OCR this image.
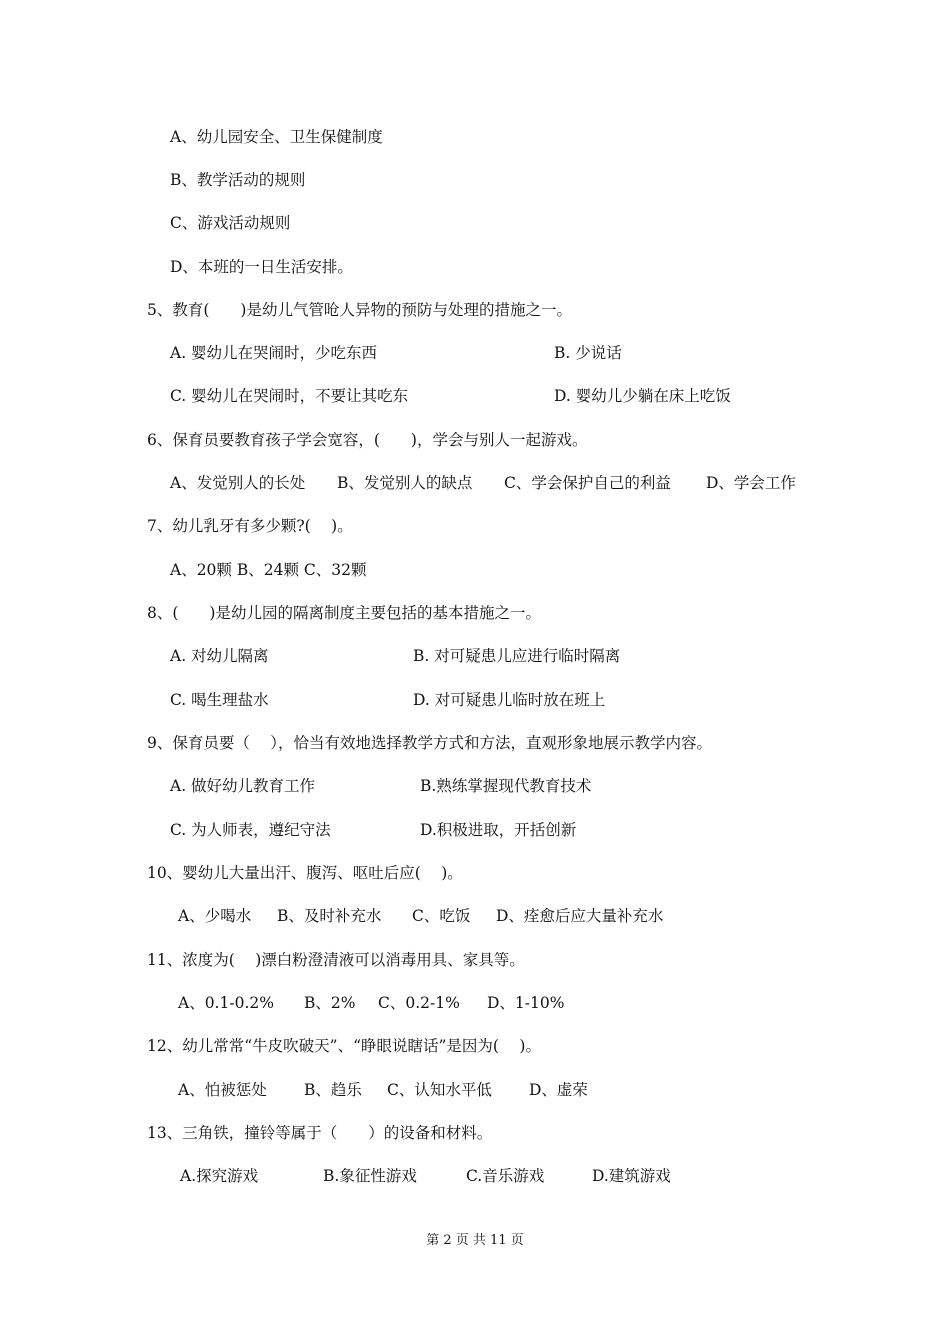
A、幼儿园安全、卫生保健制度
B、教学活动的规则
C、游戏活动规则
D、本班的一日生活安排。
5、教育(　　)是幼儿气管呛人异物的预防与处理的措施之一。
A. 婴幼儿在哭闹时，少吃东西	B. 少说话
C. 婴幼儿在哭闹时，不要让其吃东	D. 婴幼儿少躺在床上吃饭
6、保育员要教育孩子学会宽容，(　　)，学会与别人一起游戏。
A、发觉别人的长处 B、发觉别人的缺点 C、学会保护自己的利益 D、学会工作
7、幼儿乳牙有多少颗?(　 )。
A、20颗 B、24颗 C、32颗
8、(　　)是幼儿园的隔离制度主要包括的基本措施之一。
A. 对幼儿隔离	B. 对可疑患儿应进行临时隔离
C. 喝生理盐水	D. 对可疑患儿临时放在班上
9、保育员要（　 ），恰当有效地选择教学方式和方法，直观形象地展示教学内容。
A. 做好幼儿教育工作	B.熟练掌握现代教育技术
C. 为人师表，遵纪守法	D.积极进取，开括创新
10、婴幼儿大量出汗、腹泻、呕吐后应(　 )。
A、少喝水 B、及时补充水 C、吃饭 D、痊愈后应大量补充水
11、浓度为(　 )漂白粉澄清液可以消毒用具、家具等。
A、0.1-0.2% B、2% C、0.2-1% D、1-10%
12、幼儿常常“牛皮吹破天”、“睁眼说瞎话”是因为(　 )。
A、怕被惩处 B、趋乐 C、认知水平低 D、虚荣
13、三角铁，撞铃等属于（　　）的设备和材料。
A.探究游戏	B.象征性游戏	C.音乐游戏	D.建筑游戏
第 2 页 共 11 页
